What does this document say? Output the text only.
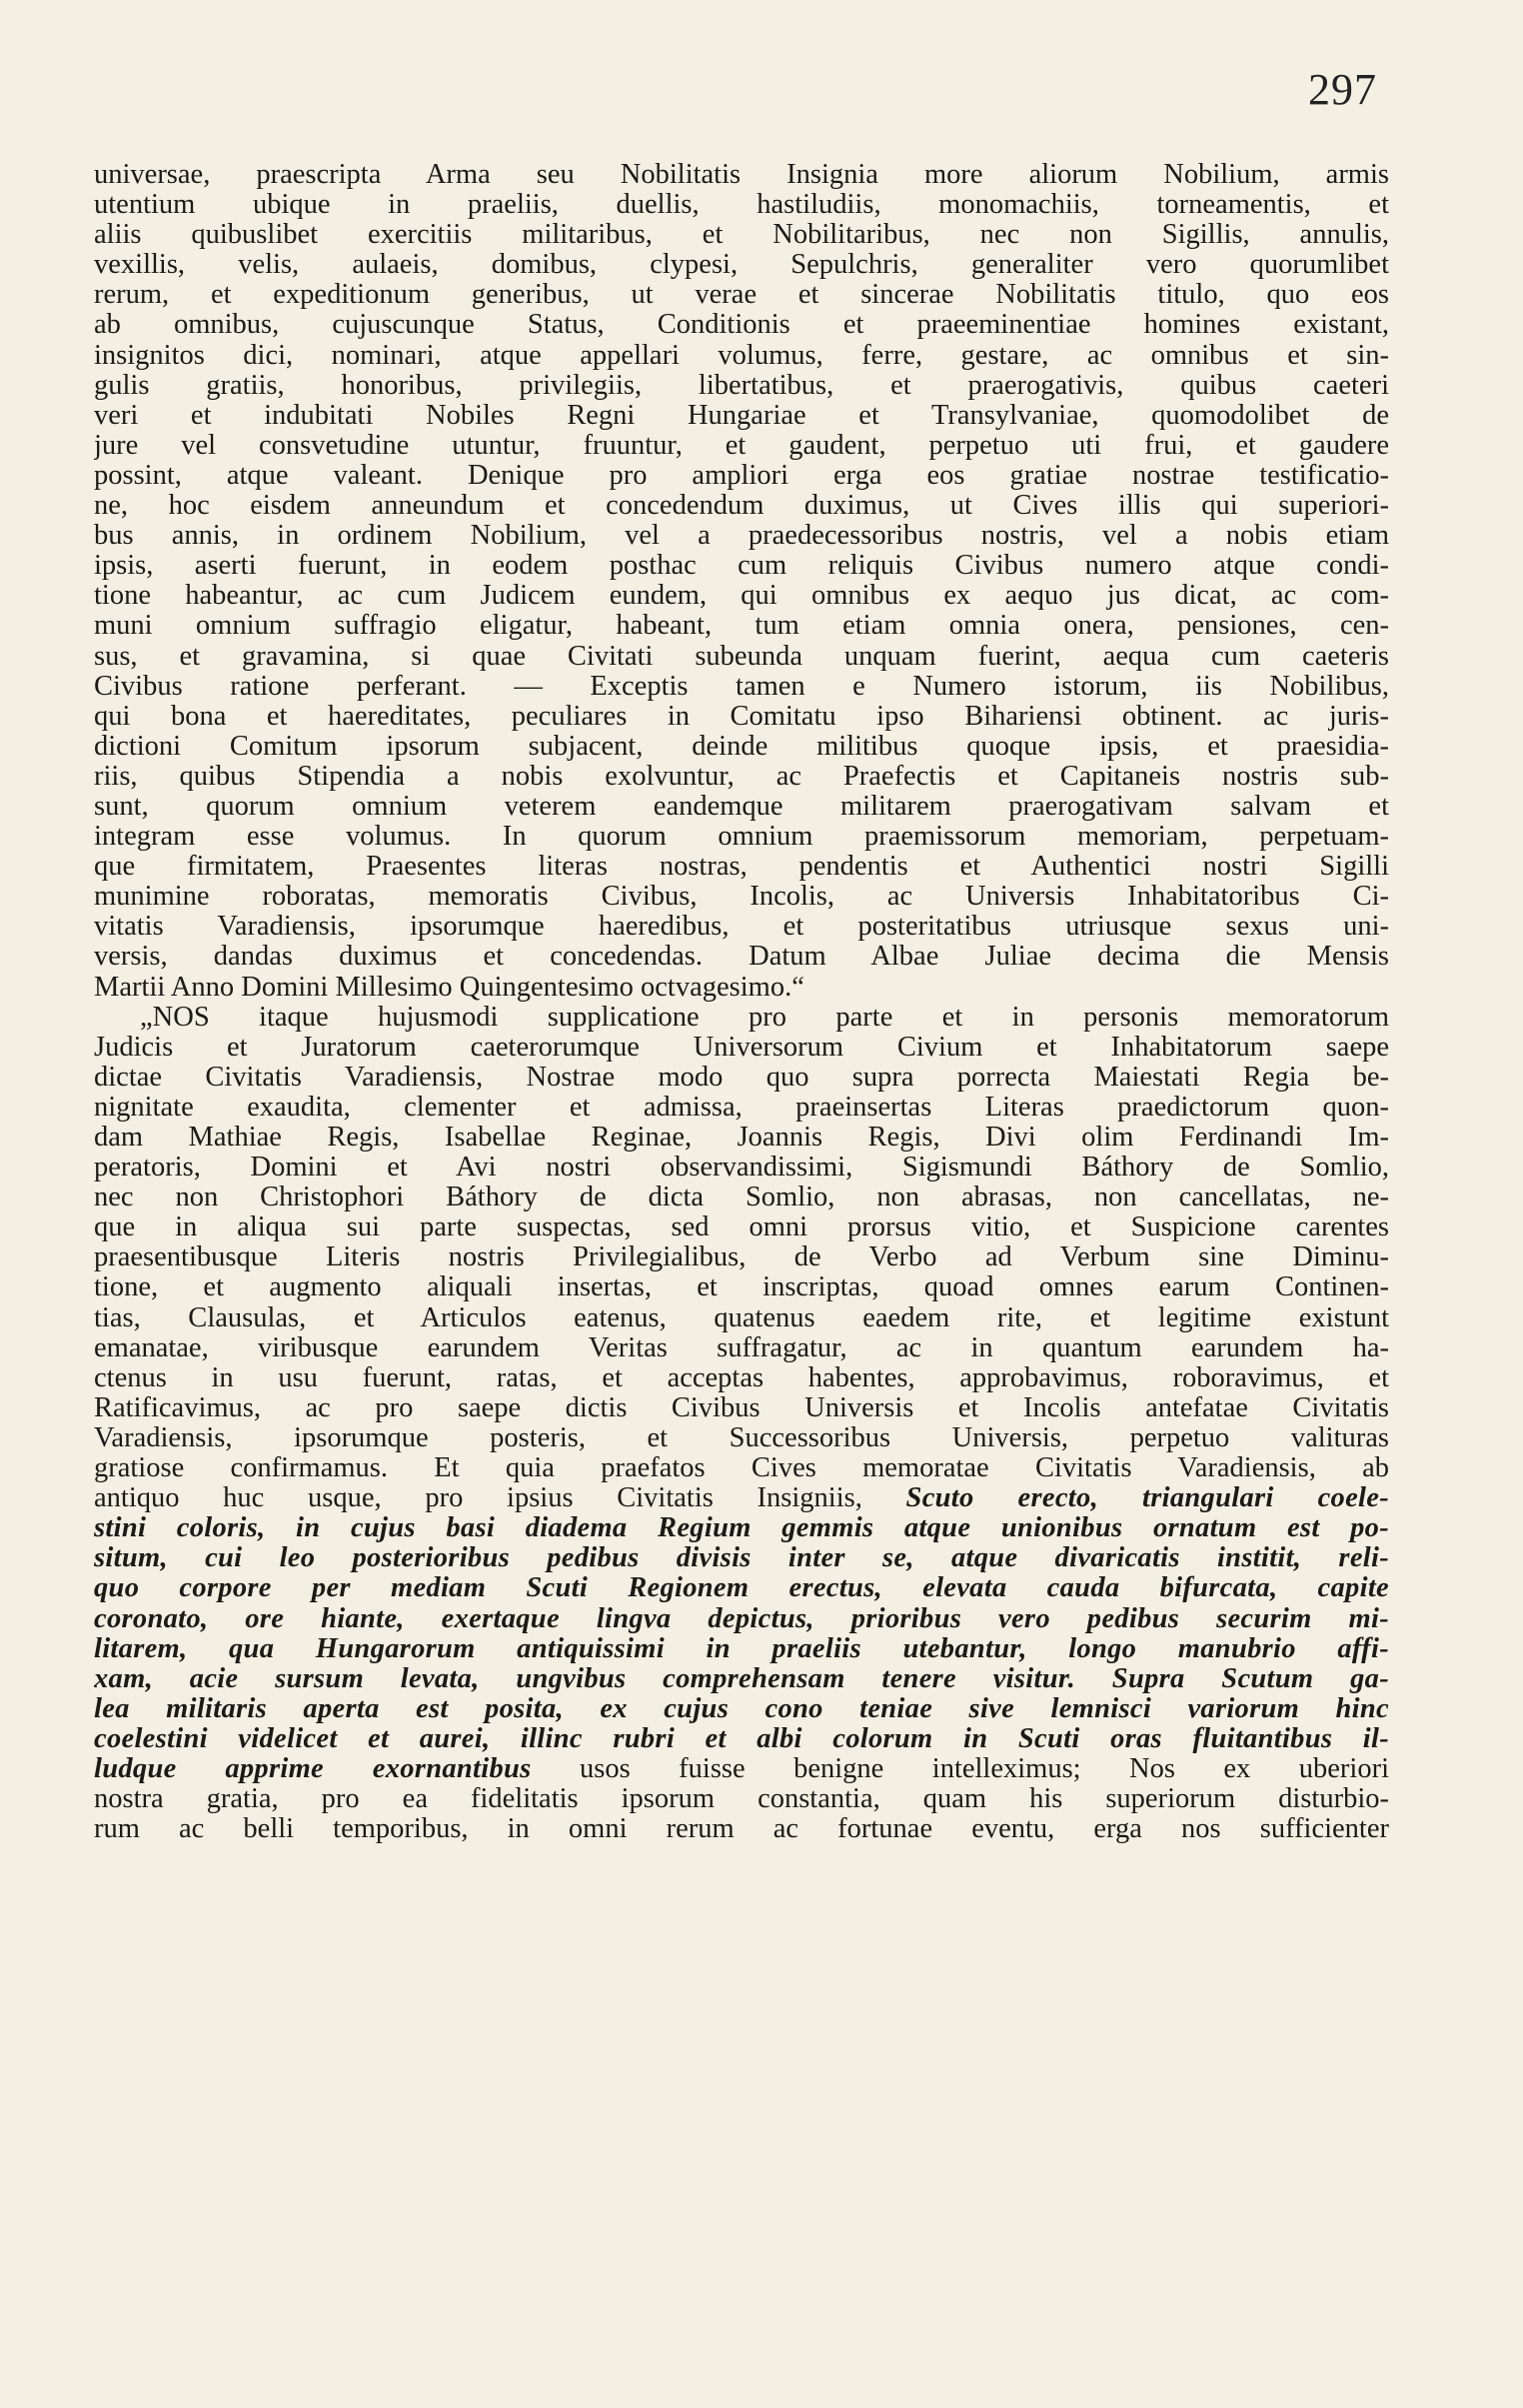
297
universae, praescripta Arma seu Nobilitatis Insignia more aliorum Nobilium, armis
utentium ubique in praeliis, duellis, hastiludiis, monomachiis, torneamentis, et
aliis quibuslibet exercitiis militaribus, et Nobilitaribus, nec non Sigillis, annulis,
vexillis, velis, aulaeis, domibus, clypesi, Sepulchris, generaliter vero quorumlibet
rerum, et expeditionum generibus, ut verae et sincerae Nobilitatis titulo, quo eos
ab omnibus, cujuscunque Status, Conditionis et praeeminentiae homines existant,
insignitos dici, nominari, atque appellari volumus, ferre, gestare, ac omnibus et sin-
gulis gratiis, honoribus, privilegiis, libertatibus, et praerogativis, quibus caeteri
veri et indubitati Nobiles Regni Hungariae et Transylvaniae, quomodolibet de
jure vel consvetudine utuntur, fruuntur, et gaudent, perpetuo uti frui, et gaudere
possint, atque valeant. Denique pro ampliori erga eos gratiae nostrae testificatio-
ne, hoc eisdem anneundum et concedendum duximus, ut Cives illis qui superiori-
bus annis, in ordinem Nobilium, vel a praedecessoribus nostris, vel a nobis etiam
ipsis, aserti fuerunt, in eodem posthac cum reliquis Civibus numero atque condi-
tione habeantur, ac cum Judicem eundem, qui omnibus ex aequo jus dicat, ac com-
muni omnium suffragio eligatur, habeant, tum etiam omnia onera, pensiones, cen-
sus, et gravamina, si quae Civitati subeunda unquam fuerint, aequa cum caeteris
Civibus ratione perferant. — Exceptis tamen e Numero istorum, iis Nobilibus,
qui bona et haereditates, peculiares in Comitatu ipso Bihariensi obtinent. ac juris-
dictioni Comitum ipsorum subjacent, deinde militibus quoque ipsis, et praesidia-
riis, quibus Stipendia a nobis exolvuntur, ac Praefectis et Capitaneis nostris sub-
sunt, quorum omnium veterem eandemque militarem praerogativam salvam et
integram esse volumus. In quorum omnium praemissorum memoriam, perpetuam-
que firmitatem, Praesentes literas nostras, pendentis et Authentici nostri Sigilli
munimine roboratas, memoratis Civibus, Incolis, ac Universis Inhabitatoribus Ci-
vitatis Varadiensis, ipsorumque haeredibus, et posteritatibus utriusque sexus uni-
versis, dandas duximus et concedendas. Datum Albae Juliae decima die Mensis
Martii Anno Domini Millesimo Quingentesimo octvagesimo.“
„NOS itaque hujusmodi supplicatione pro parte et in personis memoratorum
Judicis et Juratorum caeterorumque Universorum Civium et Inhabitatorum saepe
dictae Civitatis Varadiensis, Nostrae modo quo supra porrecta Maiestati Regia be-
nignitate exaudita, clementer et admissa, praeinsertas Literas praedictorum quon-
dam Mathiae Regis, Isabellae Reginae, Joannis Regis, Divi olim Ferdinandi Im-
peratoris, Domini et Avi nostri observandissimi, Sigismundi Báthory de Somlio,
nec non Christophori Báthory de dicta Somlio, non abrasas, non cancellatas, ne-
que in aliqua sui parte suspectas, sed omni prorsus vitio, et Suspicione carentes
praesentibusque Literis nostris Privilegialibus, de Verbo ad Verbum sine Diminu-
tione, et augmento aliquali insertas, et inscriptas, quoad omnes earum Continen-
tias, Clausulas, et Articulos eatenus, quatenus eaedem rite, et legitime existunt
emanatae, viribusque earundem Veritas suffragatur, ac in quantum earundem ha-
ctenus in usu fuerunt, ratas, et acceptas habentes, approbavimus, roboravimus, et
Ratificavimus, ac pro saepe dictis Civibus Universis et Incolis antefatae Civitatis
Varadiensis, ipsorumque posteris, et Successoribus Universis, perpetuo valituras
gratiose confirmamus. Et quia praefatos Cives memoratae Civitatis Varadiensis, ab
antiquo huc usque, pro ipsius Civitatis Insigniis, Scuto erecto, triangulari coele-
stini coloris, in cujus basi diadema Regium gemmis atque unionibus ornatum est po-
situm, cui leo posterioribus pedibus divisis inter se, atque divaricatis institit, reli-
quo corpore per mediam Scuti Regionem erectus, elevata cauda bifurcata, capite
coronato, ore hiante, exertaque lingva depictus, prioribus vero pedibus securim mi-
litarem, qua Hungarorum antiquissimi in praeliis utebantur, longo manubrio affi-
xam, acie sursum levata, ungvibus comprehensam tenere visitur. Supra Scutum ga-
lea militaris aperta est posita, ex cujus cono teniae sive lemnisci variorum hinc
coelestini videlicet et aurei, illinc rubri et albi colorum in Scuti oras fluitantibus il-
ludque apprime exornantibus usos fuisse benigne intelleximus; Nos ex uberiori
nostra gratia, pro ea fidelitatis ipsorum constantia, quam his superiorum disturbio-
rum ac belli temporibus, in omni rerum ac fortunae eventu, erga nos sufficienter
